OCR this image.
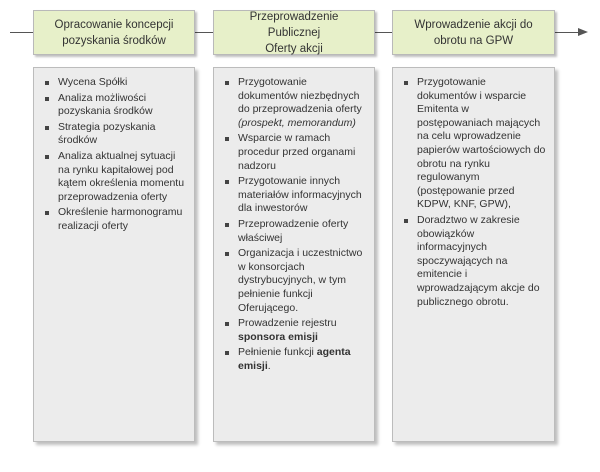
Opracowanie koncepcji
pozyskania środków
Wycena Spółki
Analiza możliwości pozyskania środków
Strategia pozyskania środków
Analiza aktualnej sytuacji na rynku kapitałowej pod kątem określenia momentu przeprowadzenia oferty
Określenie harmonogramu realizacji oferty
Przeprowadzenie Publicznej
Oferty akcji
Przygotowanie dokumentów niezbędnych do przeprowadzenia oferty (prospekt, memorandum)
Wsparcie w ramach procedur przed organami nadzoru
Przygotowanie innych materiałów informacyjnych dla inwestorów
Przeprowadzenie oferty właściwej
Organizacja i uczestnictwo w konsorcjach dystrybucyjnych, w tym pełnienie funkcji Oferującego.
Prowadzenie rejestru sponsora emisji
Pełnienie funkcji agenta emisji.
Wprowadzenie akcji do
obrotu na GPW
Przygotowanie dokumentów i wsparcie Emitenta w postępowaniach mających na celu wprowadzenie papierów wartościowych do obrotu na rynku regulowanym (postępowanie przed KDPW, KNF, GPW),
Doradztwo w zakresie obowiązków informacyjnych spoczywających na emitencie i wprowadzającym akcje do publicznego obrotu.
